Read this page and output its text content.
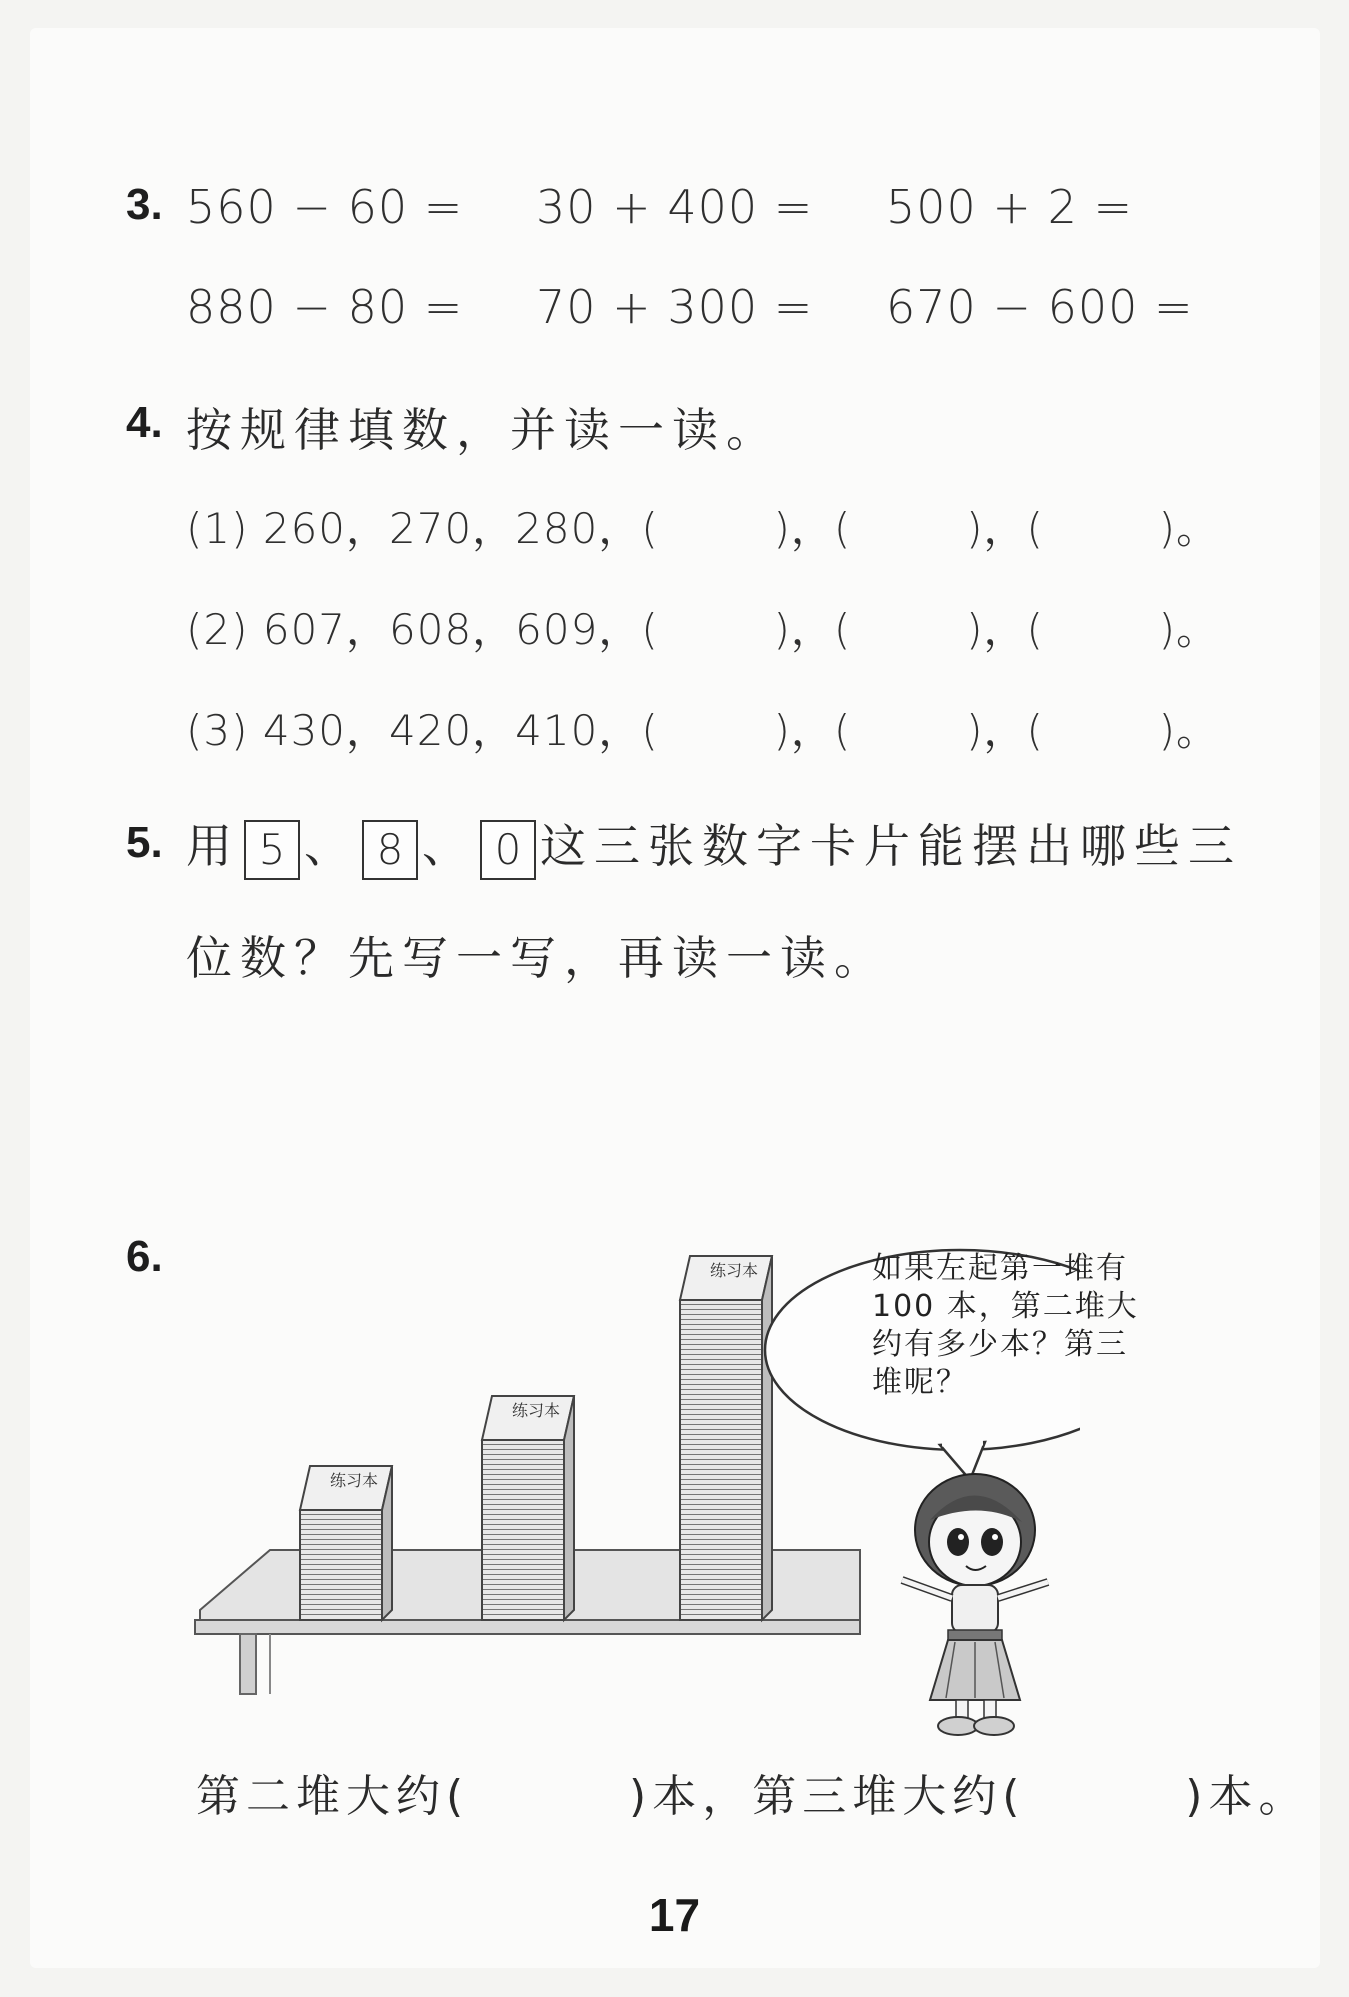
3. 560 − 60 = 30 + 400 = 500 + 2 =
880 − 80 = 70 + 300 = 670 − 600 =
4. 按规律填数，并读一读。
(1) 260，270，280，(        )，(        )，(        )。
(2) 607，608，609，(        )，(        )，(        )。
(3) 430，420，410，(        )，(        )，(        )。
5. 用 5 、 8 、 0 这三张数字卡片能摆出哪些三
位数？先写一写，再读一读。
6.
练习本
练习本
练习本	如果左起第一堆有
100 本，第二堆大
约有多少本？第三
堆呢？
第二堆大约(        )本，第三堆大约(        )本。
17
